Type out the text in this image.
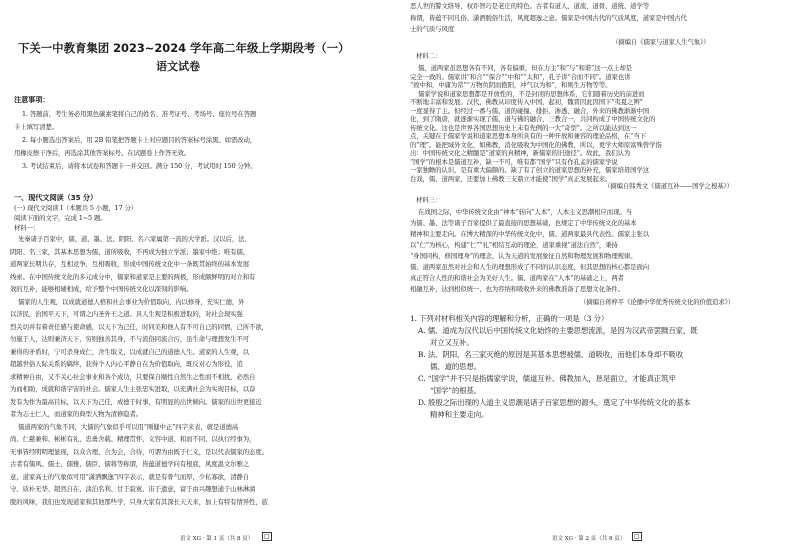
下关一中教育集团 2023~2024 学年高二年级上学期段考（一）
语文试卷
注意事项：
1. 答题前，考生务必用黑色碳素笔将自己的姓名、准考证号、考场号、座位号在答题
卡上填写清楚。
2. 每小题选出答案后，用 2B 铅笔把答题卡上对应题目的答案标号涂黑。如需改动，
用橡皮擦干净后，再选涂其他答案标号。在试题卷上作答无效。
3. 考试结束后，请将本试卷和答题卡一并交回。满分 150 分，考试用时 150 分钟。
一、现代文阅读（35 分）
(一) 现代文阅读 I（本题共 5 小题，17 分）
阅读下面的文字，完成 1~5 题。
材料一：
先秦诸子百家中，儒、道、墨、法、阴阳、名六家属第一流的大学派。汉以后，法、
阴阳、名三家，其基本思想为儒、道所吸收，不再成为独立学派；墨家中绝；唯有儒、
道两家长期共存，互相竞争，互相吸收，形成中国传统文化中一条既贯始终的基本发展
线索。在中国传统文化的多元成分中，儒家和道家是主要的两极，形成颇鲜明的对立和有
效的互补，能够相辅相成，给予整个中国传统文化以深刻的影响。
儒家的人生观，以成就道德人格和社会事业为价值取向，内以修身，充实仁德，外
以济民，治国平天下，可谓之内圣外王之道。具人生观是积极进取的，对社会现实强
烈关切并有着责任感与使命感，以天下为己任，时同美和他人有不可自已的同情，己所不欲，
勿施于人，达则兼济天下，穷则独善其身，不与流俗同流合污，虽生命与理想发生不可
兼得的矛盾时，宁可杀身成仁，舍生取义，以成就自己的道德人生。道家的人生观，以
超越世俗人际关系的羁绊，获得个人内心平静自在为价值取向，既反对心为形役，追
求精神自由，又不关心社会事业和各个成功，只要保自颐性自然生之性而不相扰，必然自
为而相助，成就和谐宇宙的社会。儒家人生主张忠实进取，以充满社会为实现目标，以奋
发有为作为最高目标，以天下为己任，成德于时事，有明显的出世倾向。儒家的出世更接近
者为志士仁人，而道家的典型人物为清修隐者。
儒道两家的气象不同，大儒的气象似乎可以用“刚健中正”四字来表，就是道德高
尚、仁慈兼和、彬彬有礼、忠勇舍载、精理贯怀、义容中道、和而不同、以执行经事为，
无事皆经明明理显现，以众合理、合为会，合待，可谓为由既于仁义，是以代表儒家的态度。
古者有儒风、儒士、儒雅、儒臣、儒将等称谓，皆蕴道德学问有根底，风度温文尔雅之
意，道家高士的气象似可用“潇洒飘逸”四字表示，就是有骨气而厚，少私寡欲，清静自
守、质朴无华、超然自在、淡泊名利、甘于寂寞、宙于遗意，富于由兴趣想通于山林淋漓
脱的风味，我们也发现道家和其他那些学，只身大家有其深长天天来，加上有特有情异性，旅
语文 XG · 第 1 页（共 8 页）	□
恶人世的警文络导，权诈智巧是老庄的特色。古者有道人、道流、道骨、道统、道学等
称谓，皆蕴不同凡俗、潇洒脱俗生活，风度超逸之意。儒家是中国古代的气质风度，道家是中国古代
士的气质与风度
（摘编自《儒家与道家人生气象》）
材料二：
儒、道两家虽思想各有不同，各有偏重，但在力主“和”与“和谐”这一点上却是
完全一致的。儒家讲“和合”“保合”“中和”“太和”，孔子讲“合而不同”。道家也讲
“致中和，中庸为常”“万物负阴而抱阳，冲气以为和”，和则生万物等等。
儒家学说和道家思想都是开放性的，不是封闭的思想体系，它们随着历史的前进而
不断地丰富和发展。汉代，佛教从印度传入中国，起初，魏晋因此因国下“夷夏之辨”
一度显得了主。但经过一番与儒、道的碰撞、排拒、渗透、融合，外来的佛教渐渐中国
化，到了隋唐，就逐渐实现了儒、道与佛的融合，三教合一，共同构成了中国传统文化的
传统文化。这也是世界各国思想历史上未有先例的一大“奇型”。之所以能达到这一
点，关键在于儒家学说和道家思想本身所具有的一种开放和兼容的理论品格，在“当下
的”理”。能把域外文化，如佛教，消化吸收为中国化的佛教，所以，更学大师原富殊曾学指
出：中国传统文化之精髓是“道家的真精神，新儒家的旧途径”。故此，我们认为
“国学”的根本是儒道互补，缺一不可，唯有都“国学”只有作孔孟的儒家学说
一家独瞻的认识，是有重大偏颇的。缺了有了创立的道家思想的补充，儒家培毋国学这
台戏，儒、道两家，还要加上佛教三支鼎立才能使“国学”真正发展起来。
（摘编自韩秀文《儒道互补——国学之根基》）
材料三：
在战国之际，中华传统文化由“神本”转向“人本”，人本主义思潮相应而现。当
为儒、墨、法等诸子百家提供了最直接的思想基础，也规定了中华传统文化的基本
精神和主要走向。在博大精深的中华传统文化中，儒、道两家最具代表性。儒家主张以
以“仁”为核心，构建“仁”“礼”相结互动的理论，道家重视“道法自然”，秉持
“身国同构、修国理身”的理念，认为天道的发展象征自然和物理发展和物理规律。
儒、道两家虽然对社会和人生的理想形成了不同的认识态度，但其思想的核心都是面向
真正符合人性的和谐社会为美好人生。儒、道两家在“人本”的基础之上，两者
相融互补，达到相似统一，也为容纳和吸收外来的佛教准备了思想文化条件。
（摘编自蒋梓平《论播中华优秀传统文化的价值追求》）
1. 下列对材料相关内容的理解和分析，正确的一项是（3 分）
A. 儒、道成为汉代以后中国传统文化始终的主要思想流派，是因为汉武帝罢黜百家，既
对立又互补。
B. 法、阴阳、名三家灭绝的原因是其基本思想被儒、道吸收，而他们本身却不吸收
儒、道的思想。
C. “国学”并不只是指儒家学说，儒道互补、佛教加入，恳是面立，才能真正筑牢
“国学”的根基。
D. 殷殷之际出现的人道主义思潮是诸子百家思想的源头，奠定了中华传统文化的基本
精神和主要走向。
语文 XG · 第 2 页（共 8 页）	□
